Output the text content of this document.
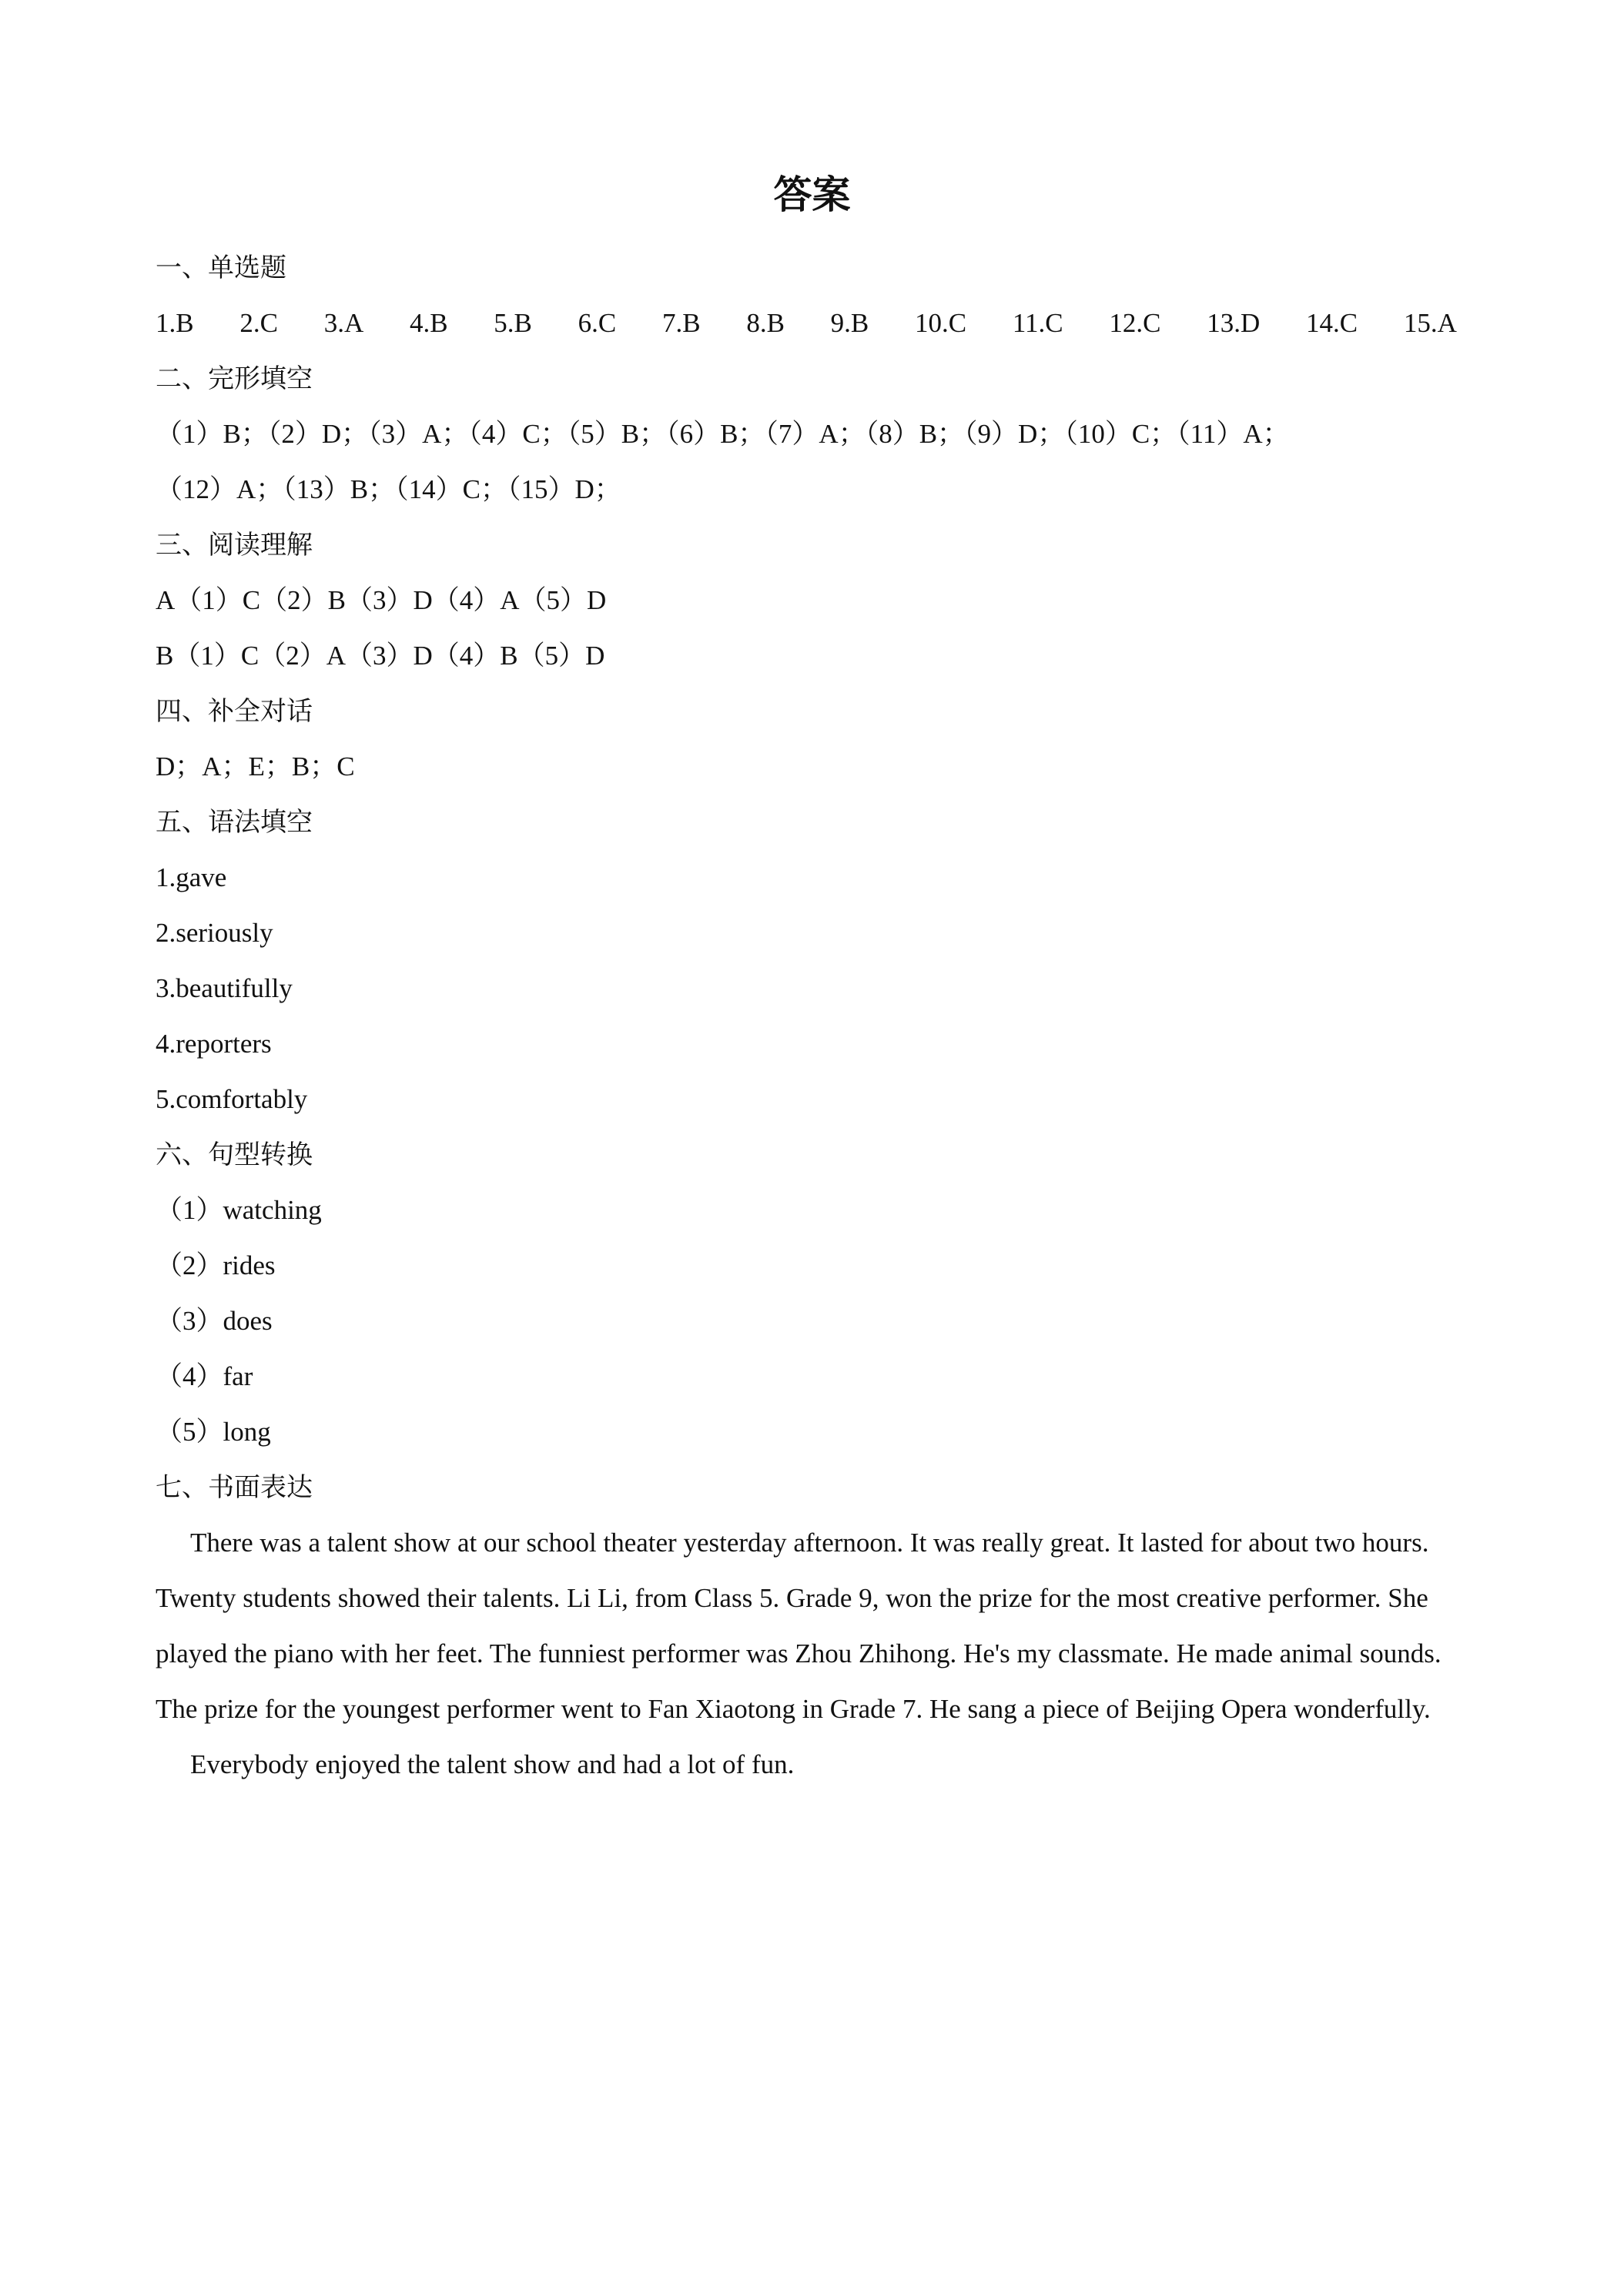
答案
一、单选题
1.B 2.C 3.A 4.B 5.B 6.C 7.B 8.B 9.B 10.C 11.C 12.C 13.D 14.C 15.A
二、完形填空
（1）B；（2）D；（3）A；（4）C；（5）B；（6）B；（7）A；（8）B；（9）D；（10）C；（11）A；
（12）A；（13）B；（14）C；（15）D；
三、阅读理解
A（1）C（2）B（3）D（4）A（5）D
B（1）C（2）A（3）D（4）B（5）D
四、补全对话
D；A；E；B；C
五、语法填空
1.gave
2.seriously
3.beautifully
4.reporters
5.comfortably
六、句型转换
（1）watching
（2）rides
（3）does
（4）far
（5）long
七、书面表达
There was a talent show at our school theater yesterday afternoon. It was really great. It lasted for about two hours. Twenty students showed their talents. Li Li, from Class 5. Grade 9, won the prize for the most creative performer. She played the piano with her feet. The funniest performer was Zhou Zhihong. He's my classmate. He made animal sounds. The prize for the youngest performer went to Fan Xiaotong in Grade 7. He sang a piece of Beijing Opera wonderfully.
Everybody enjoyed the talent show and had a lot of fun.
